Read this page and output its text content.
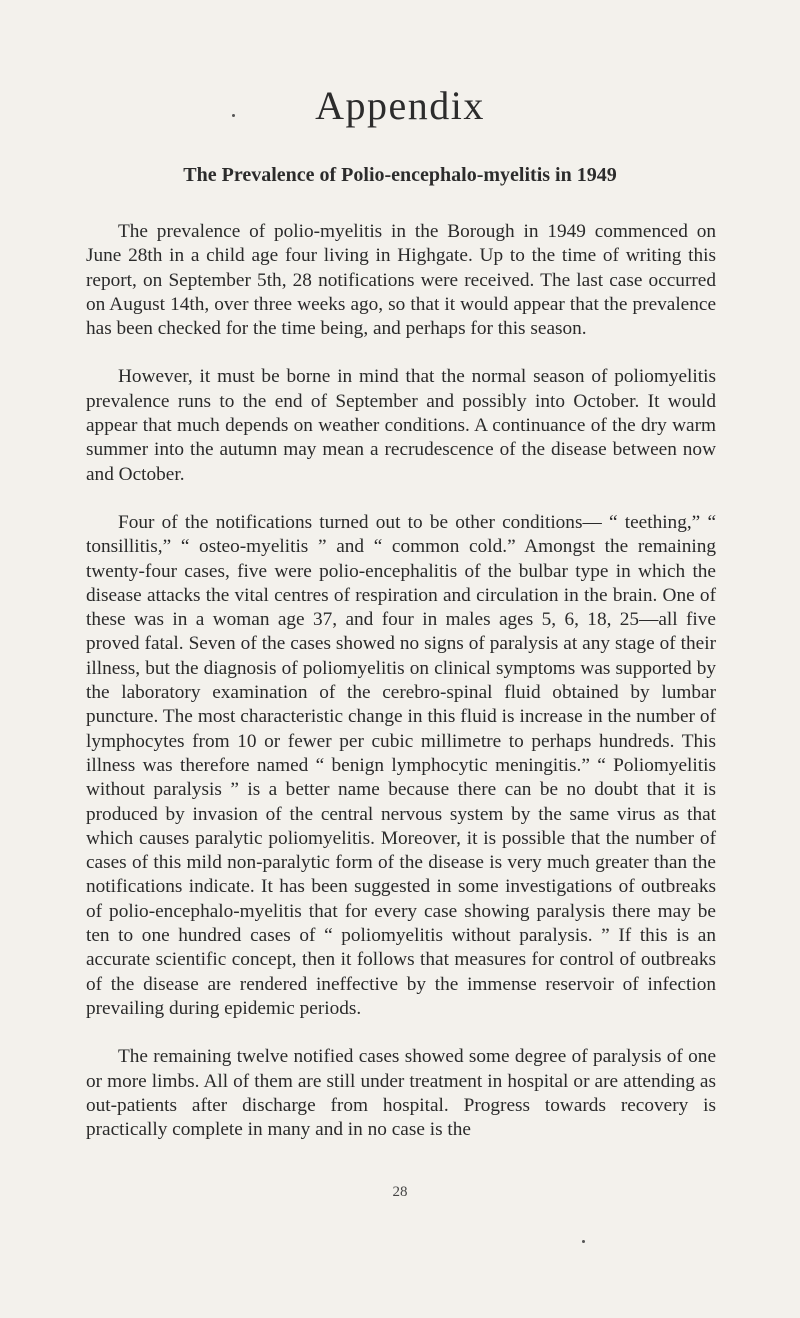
Appendix
The Prevalence of Polio-encephalo-myelitis in 1949

The prevalence of polio-myelitis in the Borough in 1949 commenced on June 28th in a child age four living in Highgate. Up to the time of writing this report, on September 5th, 28 notifications were received. The last case occurred on August 14th, over three weeks ago, so that it would appear that the prevalence has been checked for the time being, and perhaps for this season.

However, it must be borne in mind that the normal season of poliomyelitis prevalence runs to the end of September and possibly into October. It would appear that much depends on weather conditions. A continuance of the dry warm summer into the autumn may mean a recrudescence of the disease between now and October.

Four of the notifications turned out to be other conditions— “ teething,” “ tonsillitis,” “ osteo-myelitis ” and “ common cold.” Amongst the remaining twenty-four cases, five were polio-encephalitis of the bulbar type in which the disease attacks the vital centres of respiration and circulation in the brain. One of these was in a woman age 37, and four in males ages 5, 6, 18, 25—all five proved fatal. Seven of the cases showed no signs of paralysis at any stage of their illness, but the diagnosis of poliomyelitis on clinical symptoms was supported by the laboratory examination of the cerebro-spinal fluid obtained by lumbar puncture. The most characteristic change in this fluid is increase in the number of lymphocytes from 10 or fewer per cubic millimetre to perhaps hundreds. This illness was therefore named “ benign lymphocytic meningitis.” “ Poliomyelitis without paralysis ” is a better name because there can be no doubt that it is produced by invasion of the central nervous system by the same virus as that which causes paralytic poliomyelitis. Moreover, it is possible that the number of cases of this mild non-paralytic form of the disease is very much greater than the notifications indicate. It has been suggested in some investigations of outbreaks of polio-encephalo-myelitis that for every case showing paralysis there may be ten to one hundred cases of “ poliomyelitis without paralysis. ” If this is an accurate scientific concept, then it follows that measures for control of outbreaks of the disease are rendered ineffective by the immense reservoir of infection prevailing during epidemic periods.

The remaining twelve notified cases showed some degree of paralysis of one or more limbs. All of them are still under treatment in hospital or are attending as out-patients after discharge from hospital. Progress towards recovery is practically complete in many and in no case is the

28
